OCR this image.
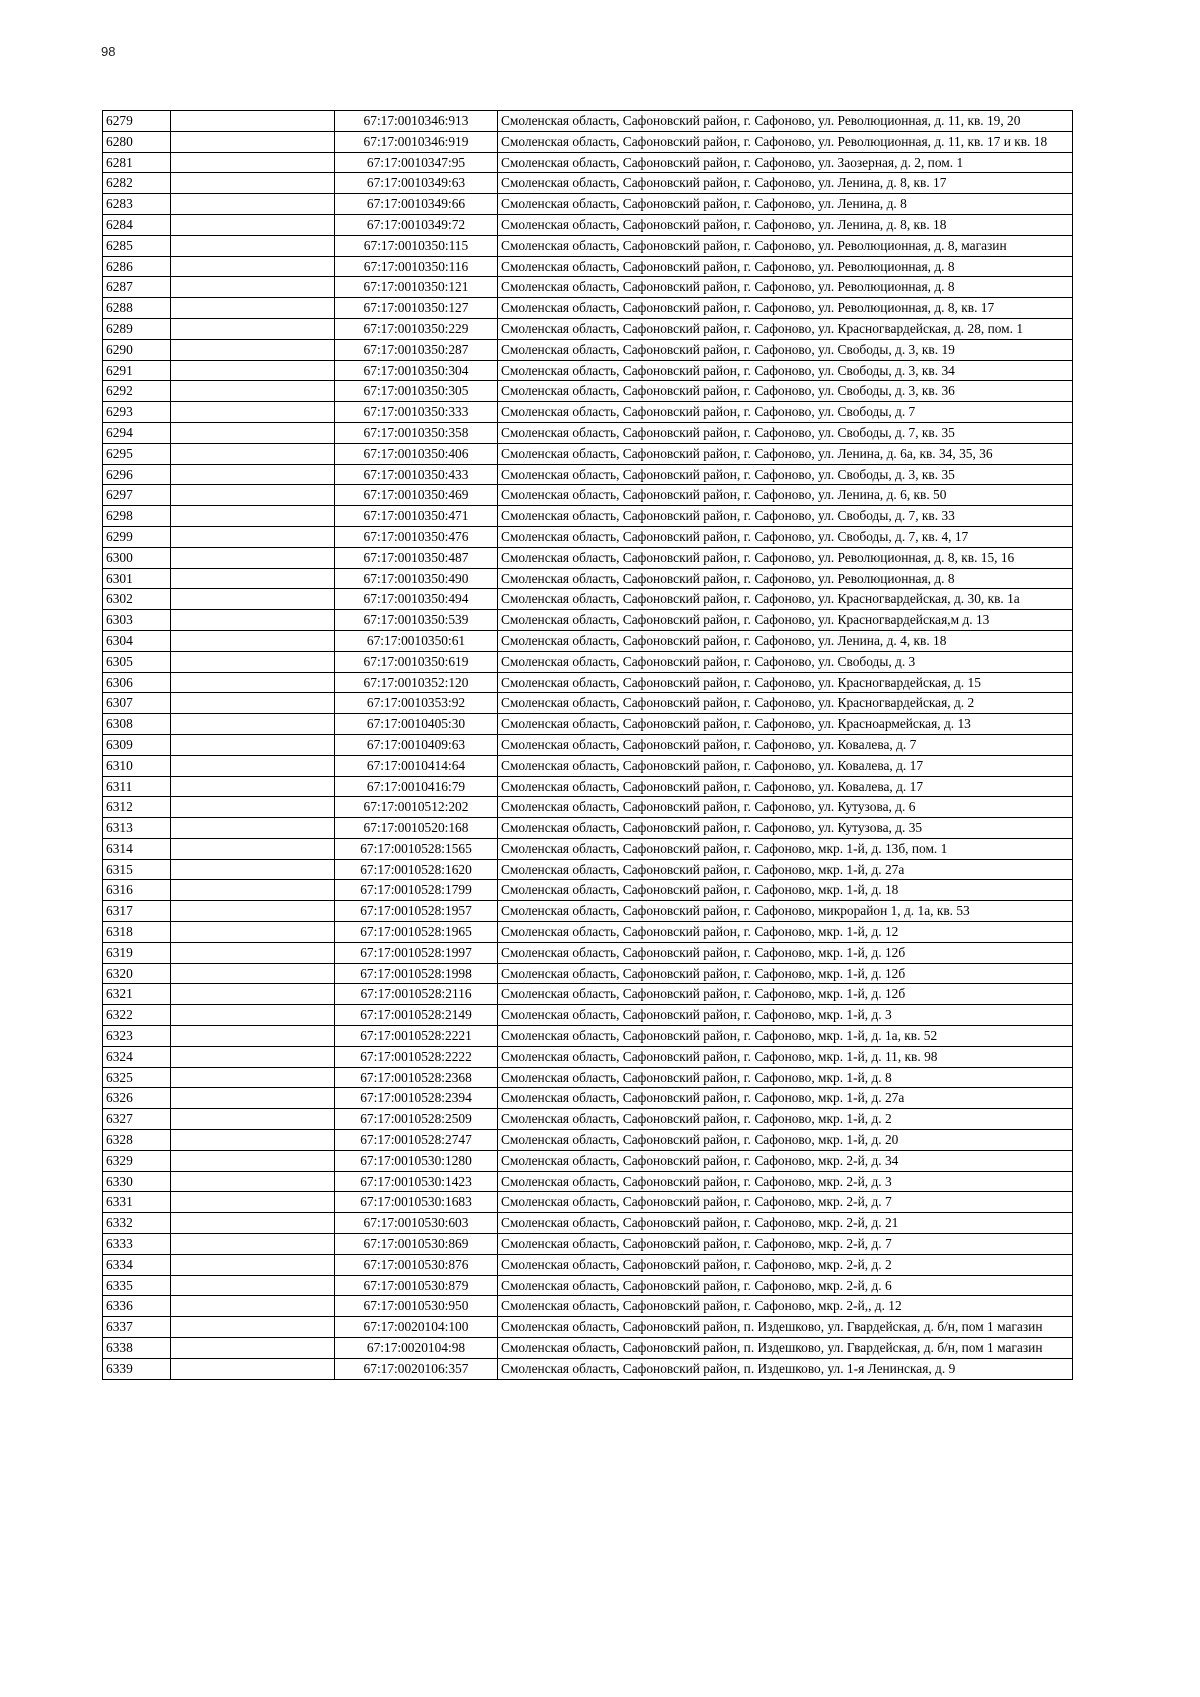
98
6279		67:17:0010346:913	Смоленская область, Сафоновский район, г. Сафоново, ул. Революционная, д. 11, кв. 19, 20
6280		67:17:0010346:919	Смоленская область, Сафоновский район, г. Сафоново, ул. Революционная, д. 11, кв. 17 и кв. 18
6281		67:17:0010347:95	Смоленская область, Сафоновский район, г. Сафоново, ул. Заозерная, д. 2, пом. 1
6282		67:17:0010349:63	Смоленская область, Сафоновский район, г. Сафоново, ул. Ленина, д. 8, кв. 17
6283		67:17:0010349:66	Смоленская область, Сафоновский район, г. Сафоново, ул. Ленина, д. 8
6284		67:17:0010349:72	Смоленская область, Сафоновский район, г. Сафоново, ул. Ленина, д. 8, кв. 18
6285		67:17:0010350:115	Смоленская область, Сафоновский район, г. Сафоново, ул. Революционная, д. 8, магазин
6286		67:17:0010350:116	Смоленская область, Сафоновский район, г. Сафоново, ул. Революционная, д. 8
6287		67:17:0010350:121	Смоленская область, Сафоновский район, г. Сафоново, ул. Революционная, д. 8
6288		67:17:0010350:127	Смоленская область, Сафоновский район, г. Сафоново, ул. Революционная, д. 8, кв. 17
6289		67:17:0010350:229	Смоленская область, Сафоновский район, г. Сафоново, ул. Красногвардейская, д. 28, пом. 1
6290		67:17:0010350:287	Смоленская область, Сафоновский район, г. Сафоново, ул. Свободы, д. 3, кв. 19
6291		67:17:0010350:304	Смоленская область, Сафоновский район, г. Сафоново, ул. Свободы, д. 3, кв. 34
6292		67:17:0010350:305	Смоленская область, Сафоновский район, г. Сафоново, ул. Свободы, д. 3, кв. 36
6293		67:17:0010350:333	Смоленская область, Сафоновский район, г. Сафоново, ул. Свободы, д. 7
6294		67:17:0010350:358	Смоленская область, Сафоновский район, г. Сафоново, ул. Свободы, д. 7, кв. 35
6295		67:17:0010350:406	Смоленская область, Сафоновский район, г. Сафоново, ул. Ленина, д. 6а, кв. 34, 35, 36
6296		67:17:0010350:433	Смоленская область, Сафоновский район, г. Сафоново, ул. Свободы, д. 3, кв. 35
6297		67:17:0010350:469	Смоленская область, Сафоновский район, г. Сафоново, ул. Ленина, д. 6, кв. 50
6298		67:17:0010350:471	Смоленская область, Сафоновский район, г. Сафоново, ул. Свободы, д. 7, кв. 33
6299		67:17:0010350:476	Смоленская область, Сафоновский район, г. Сафоново, ул. Свободы, д. 7, кв. 4, 17
6300		67:17:0010350:487	Смоленская область, Сафоновский район, г. Сафоново, ул. Революционная, д. 8, кв. 15, 16
6301		67:17:0010350:490	Смоленская область, Сафоновский район, г. Сафоново, ул. Революционная, д. 8
6302		67:17:0010350:494	Смоленская область, Сафоновский район, г. Сафоново, ул. Красногвардейская, д. 30, кв. 1а
6303		67:17:0010350:539	Смоленская область, Сафоновский район, г. Сафоново, ул. Красногвардейская,м д. 13
6304		67:17:0010350:61	Смоленская область, Сафоновский район, г. Сафоново, ул. Ленина, д. 4, кв. 18
6305		67:17:0010350:619	Смоленская область, Сафоновский район, г. Сафоново, ул. Свободы, д. 3
6306		67:17:0010352:120	Смоленская область, Сафоновский район, г. Сафоново, ул. Красногвардейская, д. 15
6307		67:17:0010353:92	Смоленская область, Сафоновский район, г. Сафоново, ул. Красногвардейская, д. 2
6308		67:17:0010405:30	Смоленская область, Сафоновский район, г. Сафоново, ул. Красноармейская, д. 13
6309		67:17:0010409:63	Смоленская область, Сафоновский район, г. Сафоново, ул. Ковалева, д. 7
6310		67:17:0010414:64	Смоленская область, Сафоновский район, г. Сафоново, ул. Ковалева, д. 17
6311		67:17:0010416:79	Смоленская область, Сафоновский район, г. Сафоново, ул. Ковалева, д. 17
6312		67:17:0010512:202	Смоленская область, Сафоновский район, г. Сафоново, ул. Кутузова, д. 6
6313		67:17:0010520:168	Смоленская область, Сафоновский район, г. Сафоново, ул. Кутузова, д. 35
6314		67:17:0010528:1565	Смоленская область, Сафоновский район, г. Сафоново, мкр. 1-й, д. 13б, пом. 1
6315		67:17:0010528:1620	Смоленская область, Сафоновский район, г. Сафоново, мкр. 1-й, д. 27а
6316		67:17:0010528:1799	Смоленская область, Сафоновский район, г. Сафоново, мкр. 1-й, д. 18
6317		67:17:0010528:1957	Смоленская область, Сафоновский район, г. Сафоново, микрорайон 1, д. 1а, кв. 53
6318		67:17:0010528:1965	Смоленская область, Сафоновский район, г. Сафоново, мкр. 1-й, д. 12
6319		67:17:0010528:1997	Смоленская область, Сафоновский район, г. Сафоново, мкр. 1-й, д. 12б
6320		67:17:0010528:1998	Смоленская область, Сафоновский район, г. Сафоново, мкр. 1-й, д. 12б
6321		67:17:0010528:2116	Смоленская область, Сафоновский район, г. Сафоново, мкр. 1-й, д. 12б
6322		67:17:0010528:2149	Смоленская область, Сафоновский район, г. Сафоново, мкр. 1-й, д. 3
6323		67:17:0010528:2221	Смоленская область, Сафоновский район, г. Сафоново, мкр. 1-й, д. 1а, кв. 52
6324		67:17:0010528:2222	Смоленская область, Сафоновский район, г. Сафоново, мкр. 1-й, д. 11, кв. 98
6325		67:17:0010528:2368	Смоленская область, Сафоновский район, г. Сафоново, мкр. 1-й, д. 8
6326		67:17:0010528:2394	Смоленская область, Сафоновский район, г. Сафоново, мкр. 1-й, д. 27а
6327		67:17:0010528:2509	Смоленская область, Сафоновский район, г. Сафоново, мкр. 1-й, д. 2
6328		67:17:0010528:2747	Смоленская область, Сафоновский район, г. Сафоново, мкр. 1-й, д. 20
6329		67:17:0010530:1280	Смоленская область, Сафоновский район, г. Сафоново, мкр. 2-й, д. 34
6330		67:17:0010530:1423	Смоленская область, Сафоновский район, г. Сафоново, мкр. 2-й, д. 3
6331		67:17:0010530:1683	Смоленская область, Сафоновский район, г. Сафоново, мкр. 2-й, д. 7
6332		67:17:0010530:603	Смоленская область, Сафоновский район, г. Сафоново, мкр. 2-й, д. 21
6333		67:17:0010530:869	Смоленская область, Сафоновский район, г. Сафоново, мкр. 2-й, д. 7
6334		67:17:0010530:876	Смоленская область, Сафоновский район, г. Сафоново, мкр. 2-й, д. 2
6335		67:17:0010530:879	Смоленская область, Сафоновский район, г. Сафоново, мкр. 2-й, д. 6
6336		67:17:0010530:950	Смоленская область, Сафоновский район, г. Сафоново, мкр. 2-й,, д. 12
6337		67:17:0020104:100	Смоленская область, Сафоновский район, п. Издешково, ул. Гвардейская, д. б/н, пом 1 магазин
6338		67:17:0020104:98	Смоленская область, Сафоновский район, п. Издешково, ул. Гвардейская, д. б/н, пом 1 магазин
6339		67:17:0020106:357	Смоленская область, Сафоновский район, п. Издешково, ул. 1-я Ленинская, д. 9
